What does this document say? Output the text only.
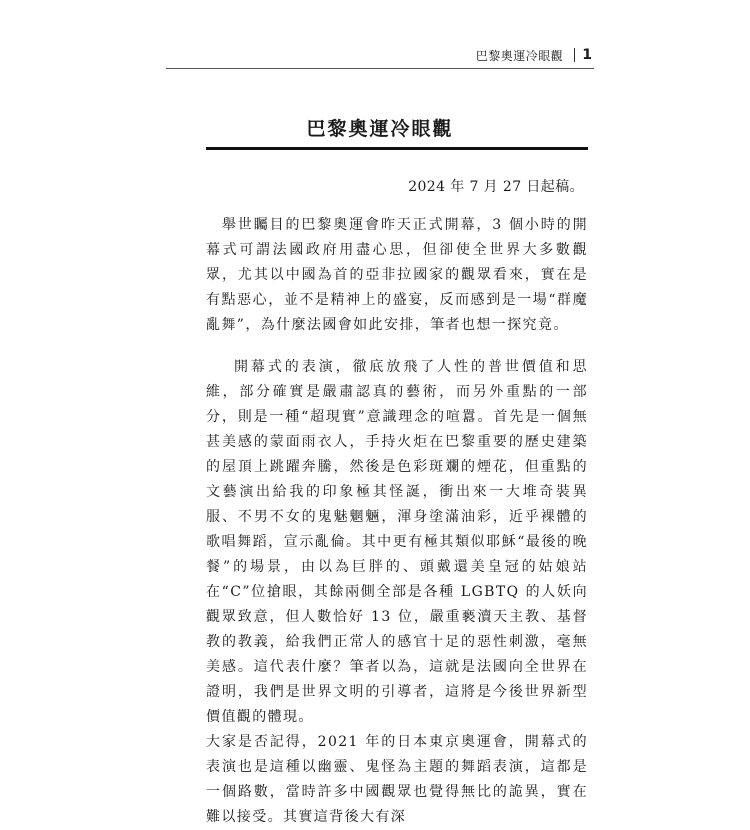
巴黎奧運冷眼觀 1
巴黎奧運冷眼觀
2024 年 7 月 27 日起稿。

　舉世矚目的巴黎奧運會昨天正式開幕，3 個小時的開幕式可謂法國政府用盡心思，但卻使全世界大多數觀眾，尤其以中國為首的亞非拉國家的觀眾看來，實在是有點惡心，並不是精神上的盛宴，反而感到是一場“群魔亂舞”，為什麼法國會如此安排，筆者也想一探究竟。

開幕式的表演，徹底放飛了人性的普世價值和思維，部分確實是嚴肅認真的藝術，而另外重點的一部分，則是一種“超現實”意識理念的喧囂。首先是一個無甚美感的蒙面雨衣人，手持火炬在巴黎重要的歷史建築的屋頂上跳躍奔騰，然後是色彩斑斕的煙花，但重點的文藝演出給我的印象極其怪誕，衝出來一大堆奇裝異服、不男不女的鬼魅魍魎，渾身塗滿油彩，近乎裸體的歌唱舞蹈，宣示亂倫。其中更有極其類似耶穌“最後的晚餐”的場景，由以為巨胖的、頭戴還美皇冠的姑娘站在“C”位搶眼，其餘兩側全部是各種 LGBTQ 的人妖向觀眾致意，但人數恰好 13 位，嚴重褻瀆天主教、基督教的教義，給我們正常人的感官十足的惡性刺激，毫無美感。這代表什麼？筆者以為，這就是法國向全世界在證明，我們是世界文明的引導者，這將是今後世界新型價值觀的體現。

大家是否記得，2021 年的日本東京奧運會，開幕式的表演也是這種以幽靈、鬼怪為主題的舞蹈表演，這都是一個路數，當時許多中國觀眾也覺得無比的詭異，實在難以接受。其實這背後大有深
